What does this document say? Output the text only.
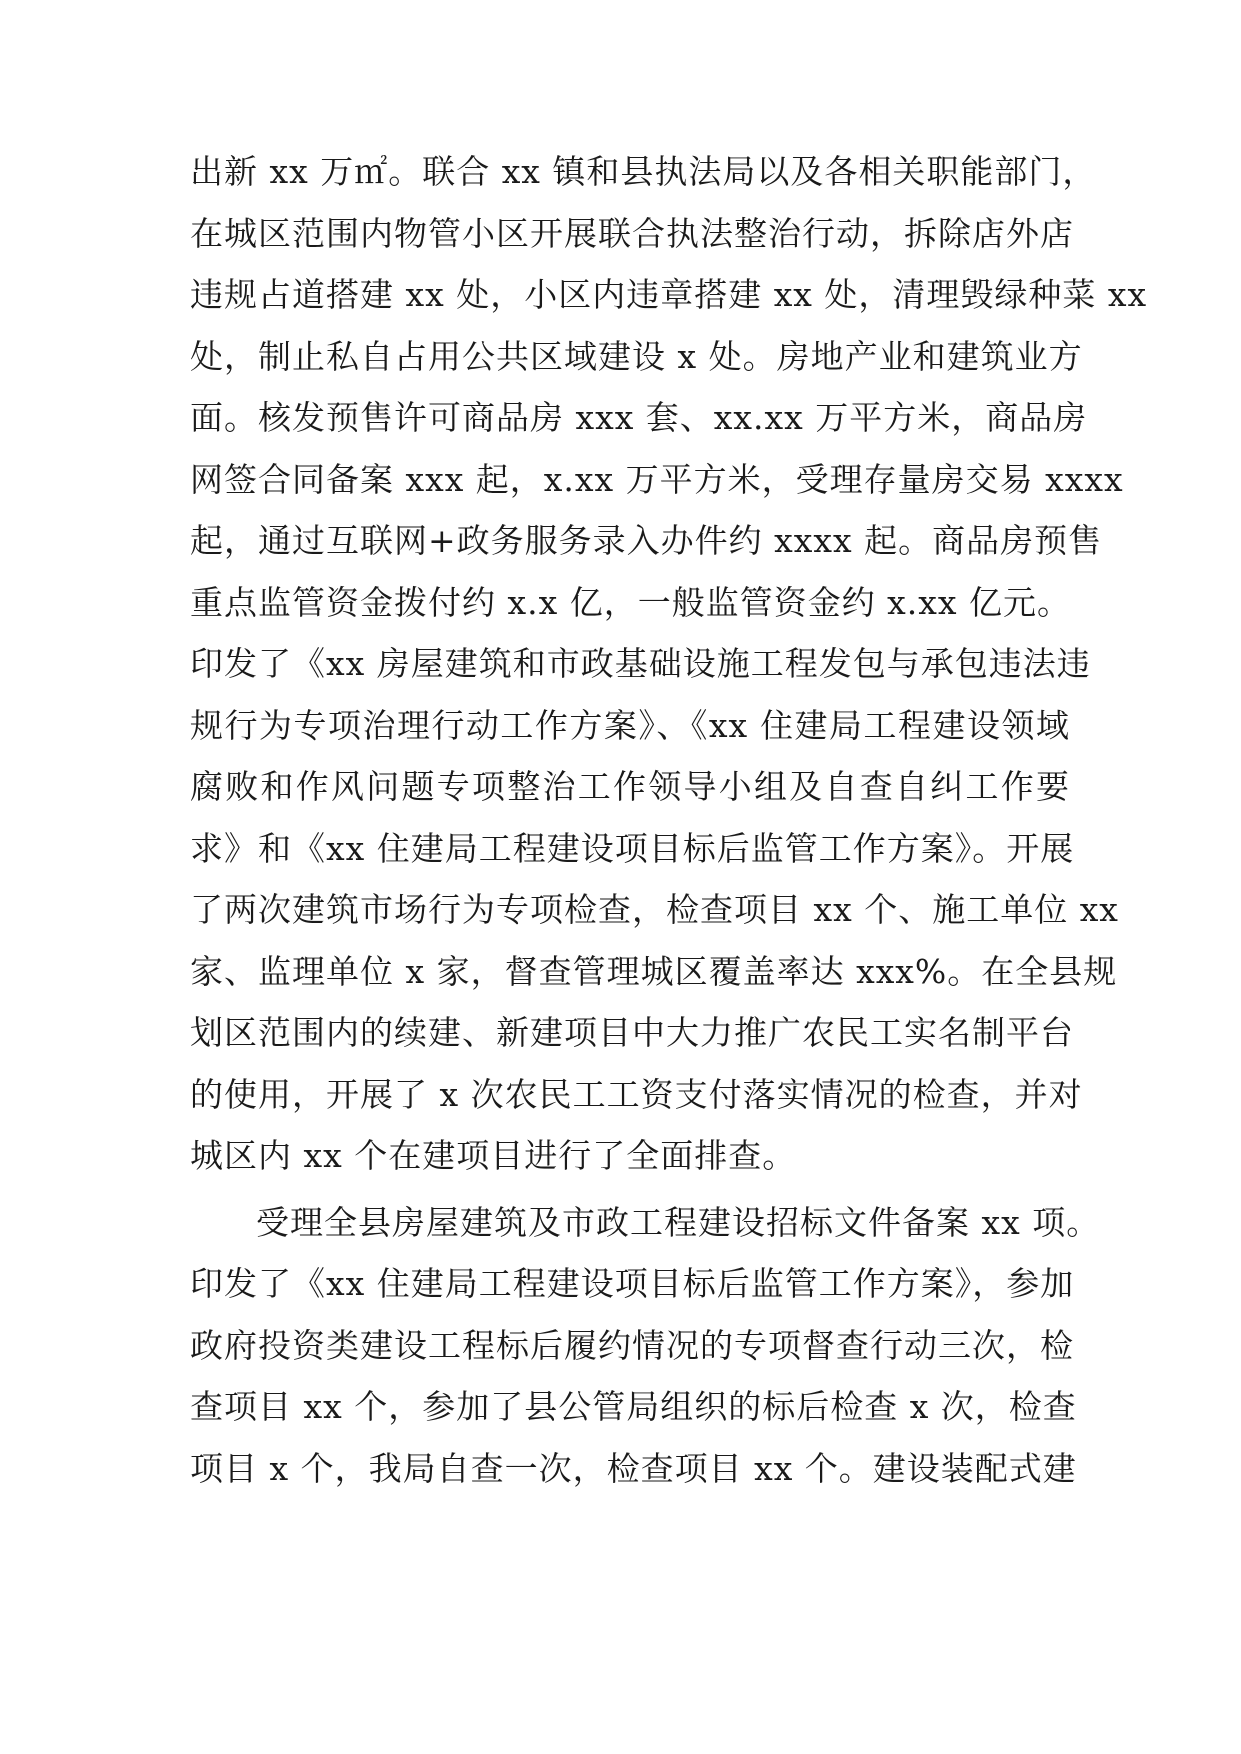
出新 xx 万㎡。联合 xx 镇和县执法局以及各相关职能部门，
在城区范围内物管小区开展联合执法整治行动，拆除店外店
违规占道搭建 xx 处，小区内违章搭建 xx 处，清理毁绿种菜 xx
处，制止私自占用公共区域建设 x 处。房地产业和建筑业方
面。核发预售许可商品房 xxx 套、xx.xx 万平方米，商品房
网签合同备案 xxx 起，x.xx 万平方米，受理存量房交易 xxxx
起，通过互联网+政务服务录入办件约 xxxx 起。商品房预售
重点监管资金拨付约 x.x 亿，一般监管资金约 x.xx 亿元。
印发了《xx 房屋建筑和市政基础设施工程发包与承包违法违
规行为专项治理行动工作方案》、《xx 住建局工程建设领域
腐败和作风问题专项整治工作领导小组及自查自纠工作要
求》和《xx 住建局工程建设项目标后监管工作方案》。开展
了两次建筑市场行为专项检查，检查项目 xx 个、施工单位 xx
家、监理单位 x 家，督查管理城区覆盖率达 xxx%。在全县规
划区范围内的续建、新建项目中大力推广农民工实名制平台
的使用，开展了 x 次农民工工资支付落实情况的检查，并对
城区内 xx 个在建项目进行了全面排查。
受理全县房屋建筑及市政工程建设招标文件备案 xx 项。
印发了《xx 住建局工程建设项目标后监管工作方案》，参加
政府投资类建设工程标后履约情况的专项督查行动三次，检
查项目 xx 个，参加了县公管局组织的标后检查 x 次，检查
项目 x 个，我局自查一次，检查项目 xx 个。建设装配式建
